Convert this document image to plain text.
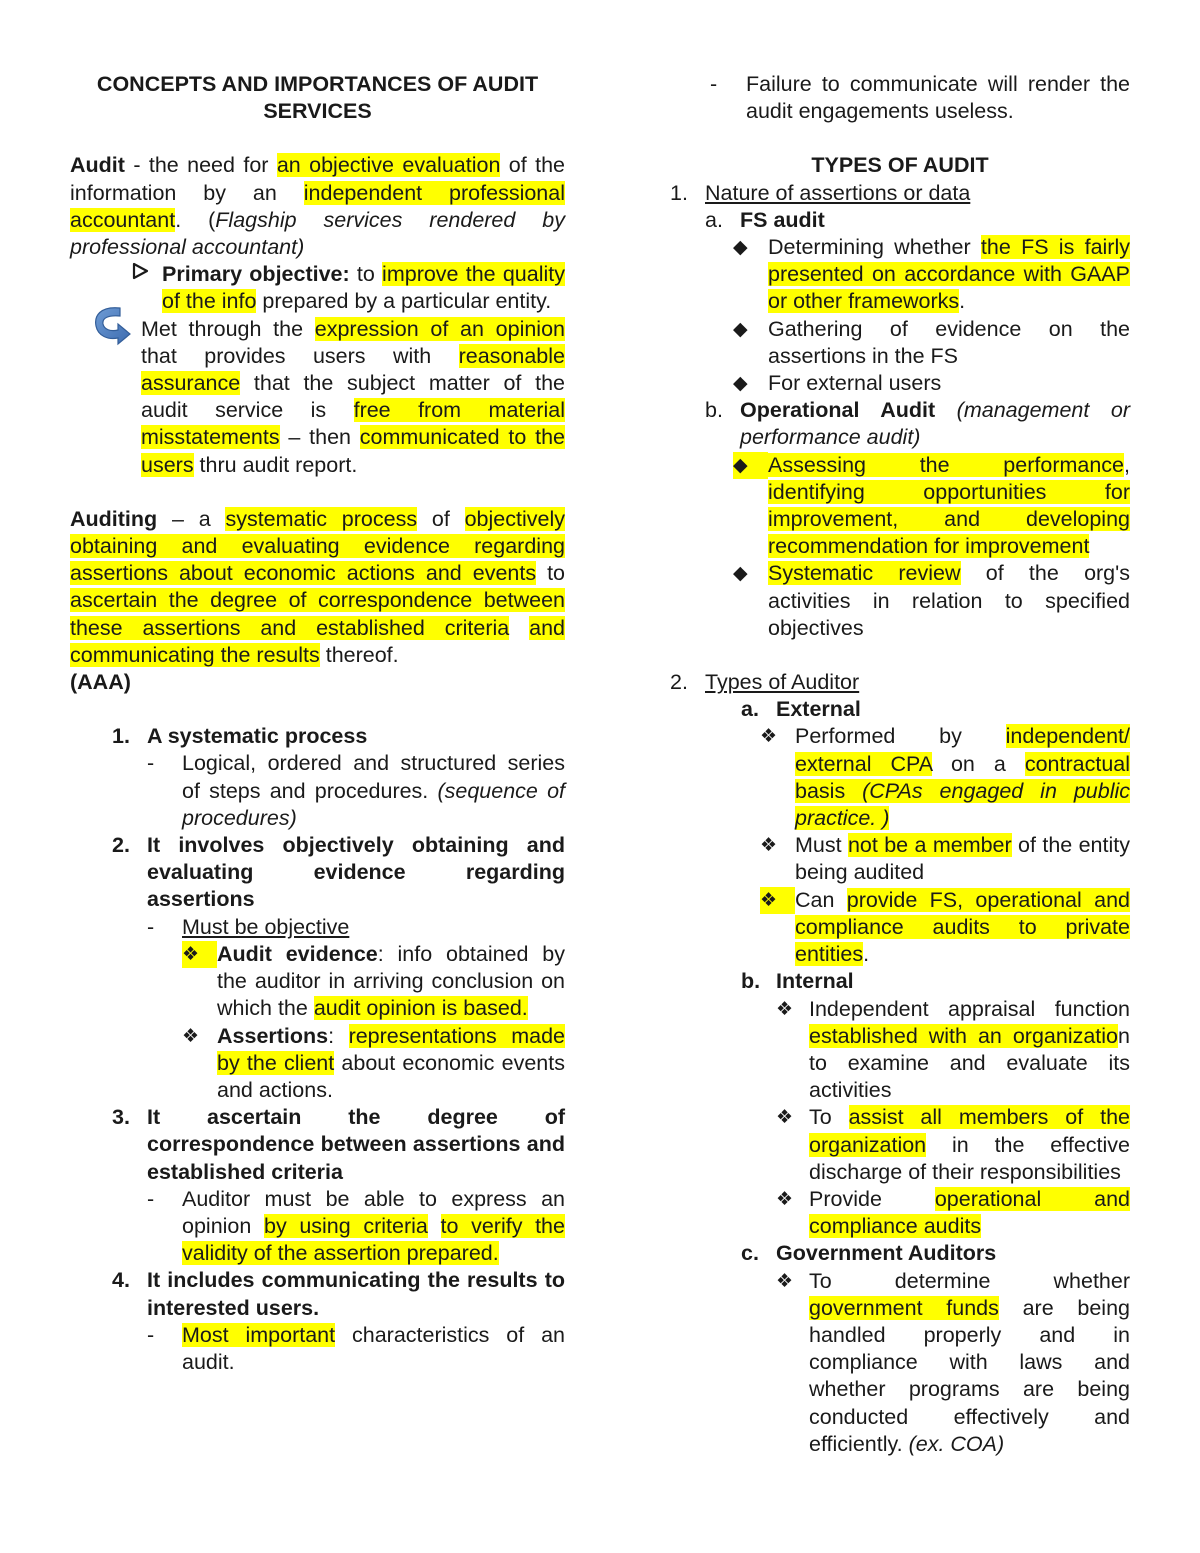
CONCEPTS AND IMPORTANCES OF AUDIT
SERVICES

Audit - the need for an objective evaluation of the information by an independent professional accountant. (Flagship services rendered by professional accountant)

Primary objective: to improve the quality of the info prepared by a particular entity.
Met through the expression of an opinion that provides users with reasonable assurance that the subject matter of the audit service is free from material misstatements – then communicated to the users thru audit report.

Auditing – a systematic process of objectively obtaining and evaluating evidence regarding assertions about economic actions and events to ascertain the degree of correspondence between these assertions and established criteria and communicating the results thereof.
(AAA)

1. A systematic process
- Logical, ordered and structured series of steps and procedures. (sequence of procedures)
2. It involves objectively obtaining and evaluating evidence regarding assertions
- Must be objective
❖ Audit evidence: info obtained by the auditor in arriving conclusion on which the audit opinion is based.
❖ Assertions: representations made by the client about economic events and actions.
3. It ascertain the degree of correspondence between assertions and established criteria
- Auditor must be able to express an opinion by using criteria to verify the validity of the assertion prepared.
4. It includes communicating the results to interested users.
- Most important characteristics of an audit.
- Failure to communicate will render the audit engagements useless.
TYPES OF AUDIT
1. Nature of assertions or data
a. FS audit
◆ Determining whether the FS is fairly presented on accordance with GAAP or other frameworks.
◆ Gathering of evidence on the assertions in the FS
◆ For external users
b. Operational Audit (management or performance audit)
◆ Assessing the performance, identifying opportunities for improvement, and developing recommendation for improvement
◆ Systematic review of the org's activities in relation to specified objectives
2. Types of Auditor
a. External
❖ Performed by independent/ external CPA on a contractual basis (CPAs engaged in public practice. )
❖ Must not be a member of the entity being audited
❖ Can provide FS, operational and compliance audits to private entities.
b. Internal
❖ Independent appraisal function established with an organization to examine and evaluate its activities
❖ To assist all members of the organization in the effective discharge of their responsibilities
❖ Provide operational and compliance audits
c. Government Auditors
❖ To determine whether government funds are being handled properly and in compliance with laws and whether programs are being conducted effectively and efficiently. (ex. COA)
